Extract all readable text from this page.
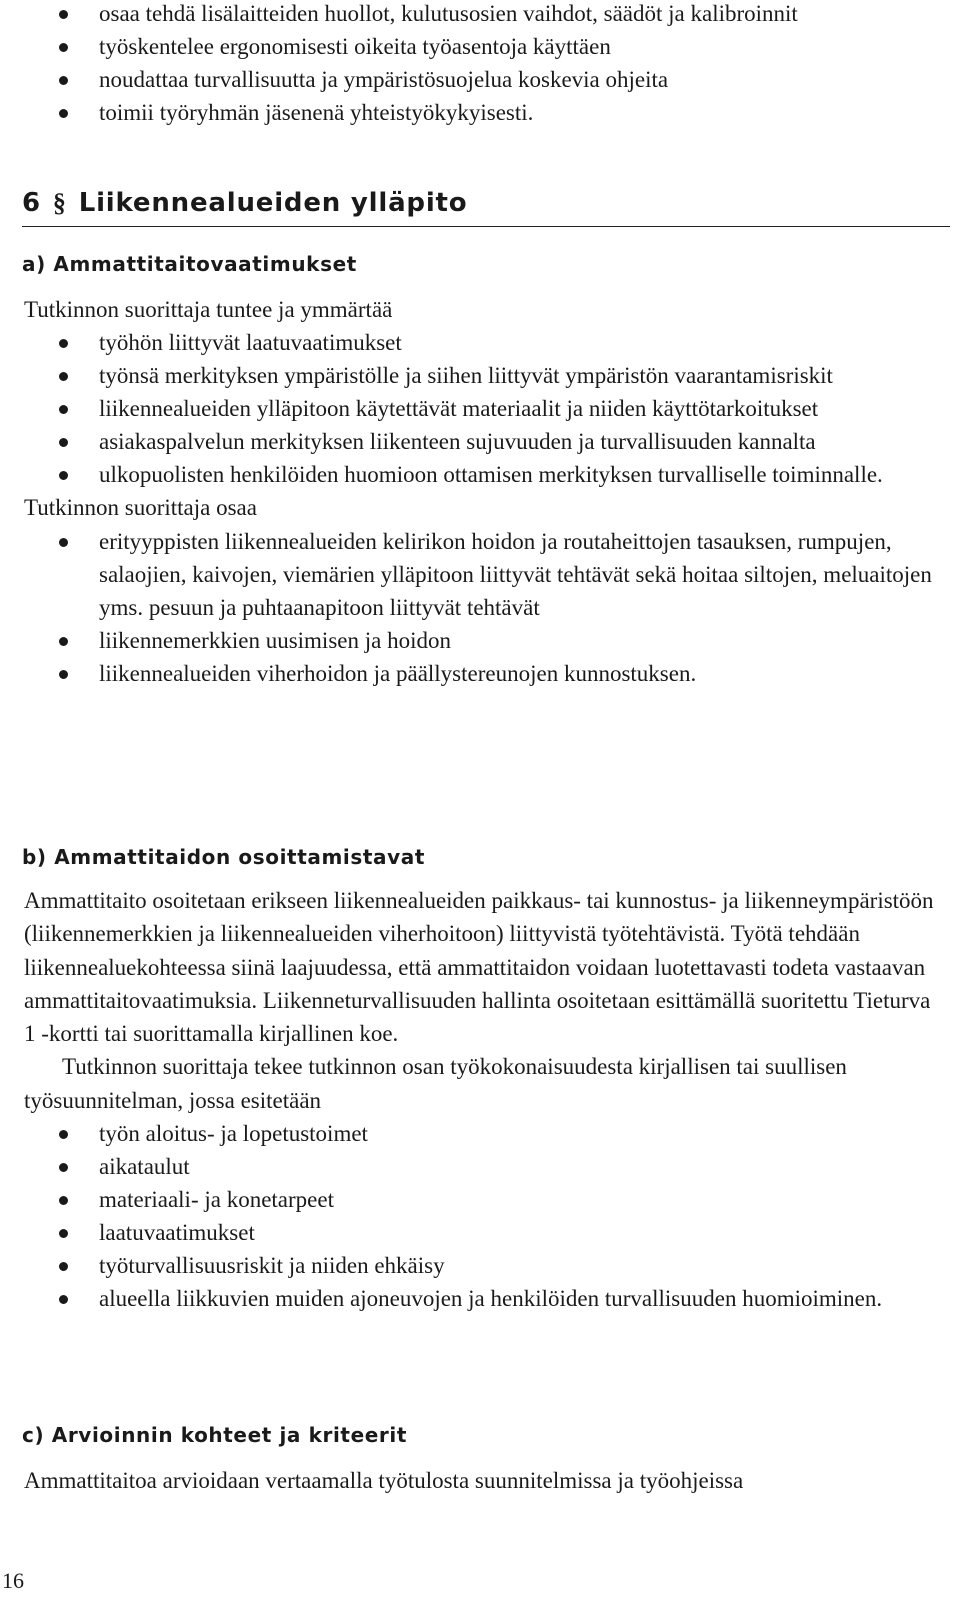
osaa tehdä lisälaitteiden huollot, kulutusosien vaihdot, säädöt ja kalibroinnit
työskentelee ergonomisesti oikeita työasentoja käyttäen
noudattaa turvallisuutta ja ympäristösuojelua koskevia ohjeita
toimii työryhmän jäsenenä yhteistyökykyisesti.
6 § Liikennealueiden ylläpito
a) Ammattitaitovaatimukset

Tutkinnon suorittaja tuntee ja ymmärtää

työhön liittyvät laatuvaatimukset
työnsä merkityksen ympäristölle ja siihen liittyvät ympäristön vaarantamisriskit
liikennealueiden ylläpitoon käytettävät materiaalit ja niiden käyttötarkoitukset
asiakaspalvelun merkityksen liikenteen sujuvuuden ja turvallisuuden kannalta
ulkopuolisten henkilöiden huomioon ottamisen merkityksen turvalliselle toiminnalle.

Tutkinnon suorittaja osaa

erityyppisten liikennealueiden kelirikon hoidon ja routaheittojen tasauksen, rumpujen, salaojien, kaivojen, viemärien ylläpitoon liittyvät tehtävät sekä hoitaa siltojen, meluaitojen yms. pesuun ja puhtaanapitoon liittyvät tehtävät
liikennemerkkien uusimisen ja hoidon
liikennealueiden viherhoidon ja päällystereunojen kunnostuksen.
b) Ammattitaidon osoittamistavat

Ammattitaito osoitetaan erikseen liikennealueiden paikkaus- tai kunnostus- ja liikenneympäristöön (liikennemerkkien ja liikennealueiden viherhoitoon) liittyvistä työtehtävistä. Työtä tehdään liikennealuekohteessa siinä laajuudessa, että ammattitaidon voidaan luotettavasti todeta vastaavan ammattitaitovaatimuksia. Liikenneturvallisuuden hallinta osoitetaan esittämällä suoritettu Tieturva 1 -kortti tai suorittamalla kirjallinen koe.

Tutkinnon suorittaja tekee tutkinnon osan työkokonaisuudesta kirjallisen tai suullisen työsuunnitelman, jossa esitetään

työn aloitus- ja lopetustoimet
aikataulut
materiaali- ja konetarpeet
laatuvaatimukset
työturvallisuusriskit ja niiden ehkäisy
alueella liikkuvien muiden ajoneuvojen ja henkilöiden turvallisuuden huomioiminen.
c) Arvioinnin kohteet ja kriteerit

Ammattitaitoa arvioidaan vertaamalla työtulosta suunnitelmissa ja työohjeissa

16
